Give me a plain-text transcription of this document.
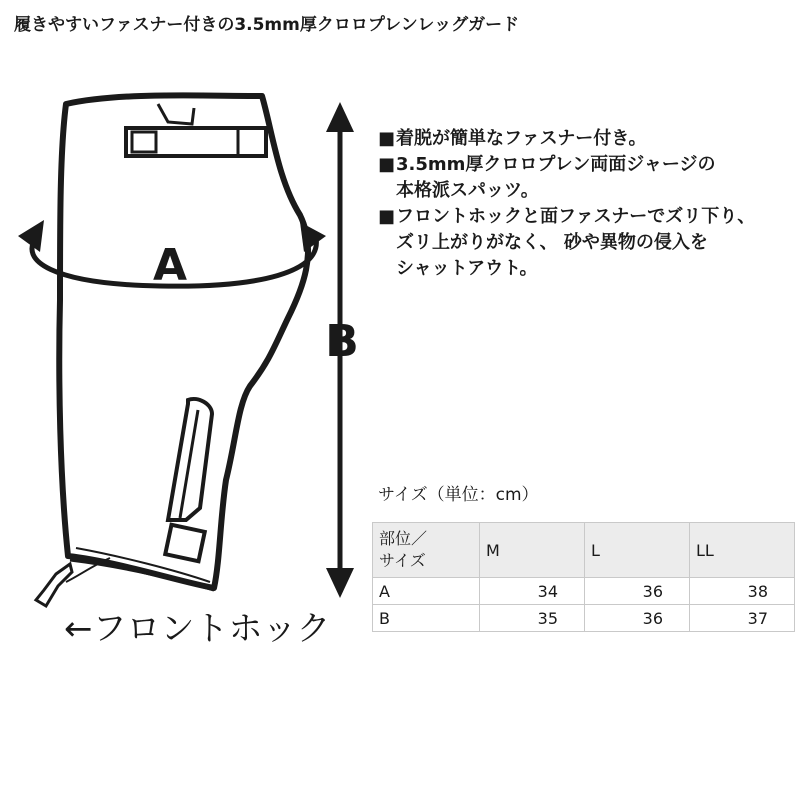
履きやすいファスナー付きの3.5mm厚クロロプレンレッグガード
A
B
←フロントホック
■ 着脱が簡単なファスナー付き。
■ 3.5mm厚クロロプレン両面ジャージの
本格派スパッツ。
■ フロントホックと面ファスナーでズリ下り、
ズリ上がりがなく、 砂や異物の侵入を
シャットアウト。
サイズ（単位：cm）
部位／
サイズ	M	L	LL
A	34	36	38
B	35	36	37
